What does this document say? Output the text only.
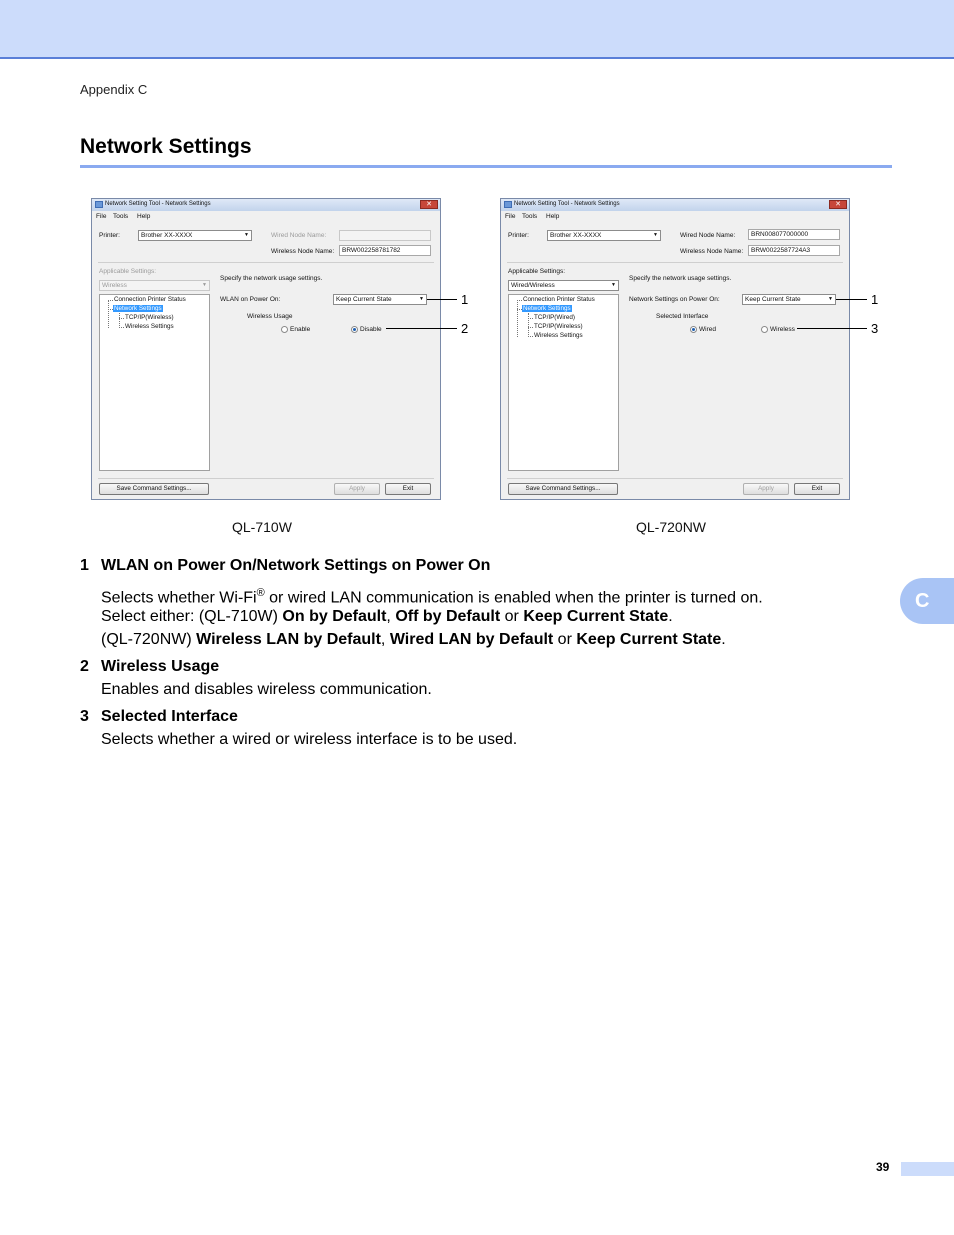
Appendix C
Network Settings
Network Setting Tool - Network Settings	✕
File Tools Help
Printer:	Brother XX-XXXX	▼	Wired Node Name:
Wireless Node Name:	BRW002258781782
Applicable Settings:
Wireless	▼
Connection Printer Status
Network Settings
TCP/IP(Wireless)
Wireless Settings
Specify the network usage settings.
WLAN on Power On:	Keep Current State	▼
Wireless Usage
Enable	Disable
Save Command Settings...	Apply	Exit
Network Setting Tool - Network Settings	✕
File Tools Help
Printer:	Brother XX-XXXX	▼	Wired Node Name:	BRN008077000000
Wireless Node Name:	BRW0022587724A3
Applicable Settings:
Wired/Wireless	▼
Connection Printer Status
Network Settings
TCP/IP(Wired)
TCP/IP(Wireless)
Wireless Settings
Specify the network usage settings.
Network Settings on Power On:	Keep Current State	▼
Selected Interface
Wired	Wireless
Save Command Settings...	Apply	Exit
1
2
1
3
QL-710W	QL-720NW
1 WLAN on Power On/Network Settings on Power On
Selects whether Wi-Fi® or wired LAN communication is enabled when the printer is turned on.
Select either: (QL-710W) On by Default, Off by Default or Keep Current State.
(QL-720NW) Wireless LAN by Default, Wired LAN by Default or Keep Current State.
2 Wireless Usage
Enables and disables wireless communication.
3 Selected Interface
Selects whether a wired or wireless interface is to be used.
C
39
